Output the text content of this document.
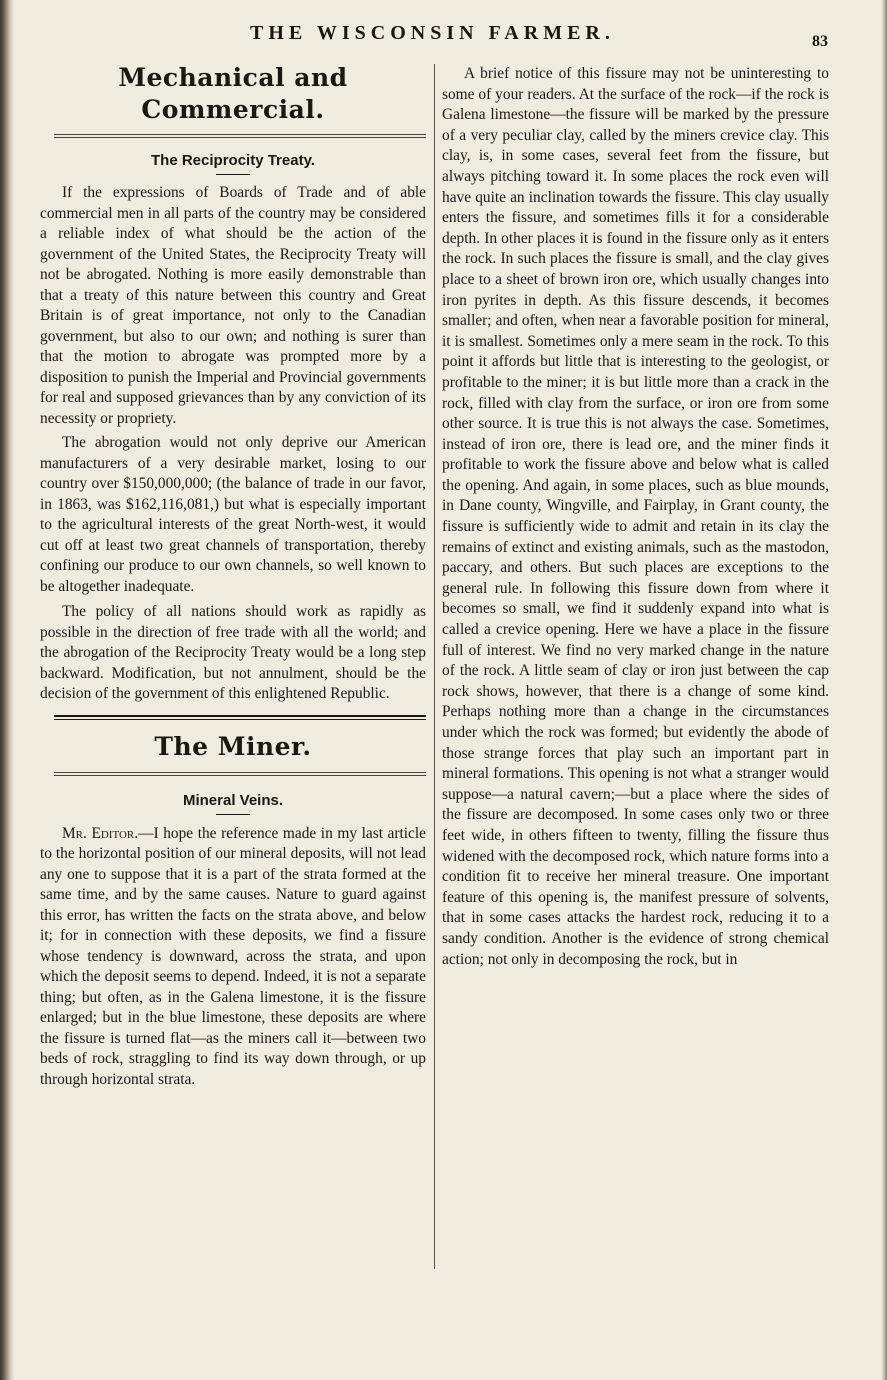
THE WISCONSIN FARMER.	83
Mechanical and Commercial.
The Reciprocity Treaty.

If the expressions of Boards of Trade and of able commercial men in all parts of the country may be considered a reliable index of what should be the action of the government of the United States, the Reciprocity Treaty will not be abrogated. Nothing is more easily demonstrable than that a treaty of this nature between this country and Great Britain is of great importance, not only to the Canadian government, but also to our own; and nothing is surer than that the motion to abrogate was prompted more by a disposition to punish the Imperial and Provincial governments for real and supposed grievances than by any conviction of its necessity or propriety.

The abrogation would not only deprive our American manufacturers of a very desirable market, losing to our country over $150,000,000; (the balance of trade in our favor, in 1863, was $162,116,081,) but what is especially important to the agricultural interests of the great North-west, it would cut off at least two great channels of transportation, thereby confining our produce to our own channels, so well known to be altogether inadequate.

The policy of all nations should work as rapidly as possible in the direction of free trade with all the world; and the abrogation of the Reciprocity Treaty would be a long step backward. Modification, but not annulment, should be the decision of the government of this enlightened Republic.

The Miner.
Mineral Veins.

Mr. Editor.—I hope the reference made in my last article to the horizontal position of our mineral deposits, will not lead any one to suppose that it is a part of the strata formed at the same time, and by the same causes. Nature to guard against this error, has written the facts on the strata above, and below it; for in connection with these deposits, we find a fissure whose tendency is downward, across the strata, and upon which the deposit seems to depend. Indeed, it is not a separate thing; but often, as in the Galena limestone, it is the fissure enlarged; but in the blue limestone, these deposits are where the fissure is turned flat—as the miners call it—between two beds of rock, straggling to find its way down through, or up through horizontal strata.

A brief notice of this fissure may not be uninteresting to some of your readers. At the surface of the rock—if the rock is Galena limestone—the fissure will be marked by the pressure of a very peculiar clay, called by the miners crevice clay. This clay, is, in some cases, several feet from the fissure, but always pitching toward it. In some places the rock even will have quite an inclination towards the fissure. This clay usually enters the fissure, and sometimes fills it for a considerable depth. In other places it is found in the fissure only as it enters the rock. In such places the fissure is small, and the clay gives place to a sheet of brown iron ore, which usually changes into iron pyrites in depth. As this fissure descends, it becomes smaller; and often, when near a favorable position for mineral, it is smallest. Sometimes only a mere seam in the rock. To this point it affords but little that is interesting to the geologist, or profitable to the miner; it is but little more than a crack in the rock, filled with clay from the surface, or iron ore from some other source. It is true this is not always the case. Sometimes, instead of iron ore, there is lead ore, and the miner finds it profitable to work the fissure above and below what is called the opening. And again, in some places, such as blue mounds, in Dane county, Wingville, and Fairplay, in Grant county, the fissure is sufficiently wide to admit and retain in its clay the remains of extinct and existing animals, such as the mastodon, paccary, and others. But such places are exceptions to the general rule. In following this fissure down from where it becomes so small, we find it suddenly expand into what is called a crevice opening. Here we have a place in the fissure full of interest. We find no very marked change in the nature of the rock. A little seam of clay or iron just between the cap rock shows, however, that there is a change of some kind. Perhaps nothing more than a change in the circumstances under which the rock was formed; but evidently the abode of those strange forces that play such an important part in mineral formations. This opening is not what a stranger would suppose—a natural cavern;—but a place where the sides of the fissure are decomposed. In some cases only two or three feet wide, in others fifteen to twenty, filling the fissure thus widened with the decomposed rock, which nature forms into a condition fit to receive her mineral treasure. One important feature of this opening is, the manifest pressure of solvents, that in some cases attacks the hardest rock, reducing it to a sandy condition. Another is the evidence of strong chemical action; not only in decomposing the rock, but in
